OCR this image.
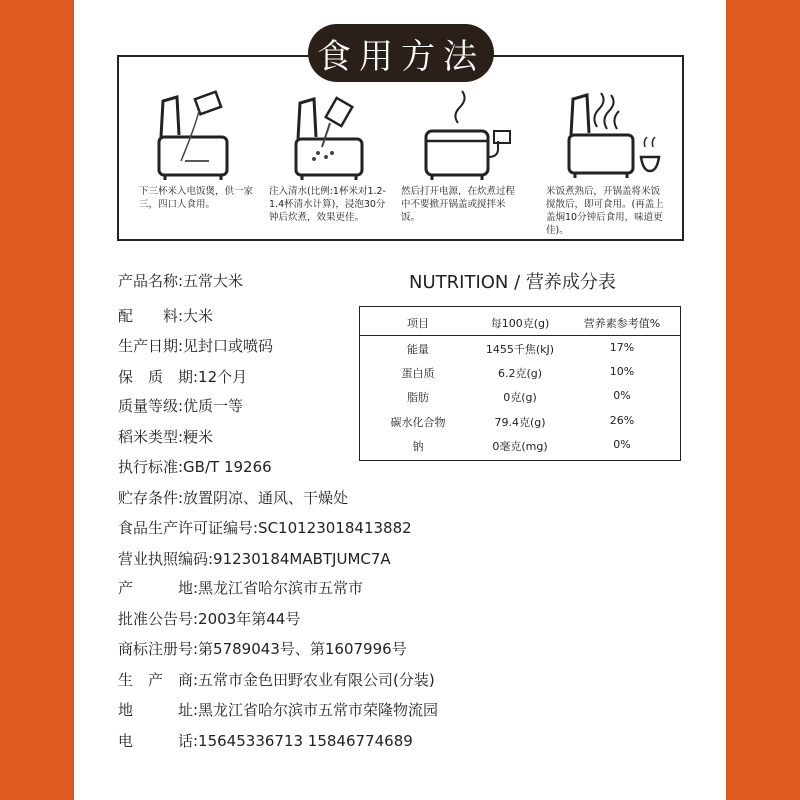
食用方法
下三杯米入电饭煲，供一家三，四口人食用。
注入清水(比例:1杯米对1.2-1.4杯清水计算)，浸泡30分钟后炊煮，效果更佳。
然后打开电源，在炊煮过程中不要掀开锅盖或搅拌米饭。
米饭煮熟后，开锅盖将米饭搅散后，即可食用。(再盖上盖焖10分钟后食用，味道更佳)。
产品名称:五常大米
配　　料:大米
生产日期:见封口或喷码
保　质　期:12个月
质量等级:优质一等
稻米类型:粳米
执行标准:GB/T 19266
贮存条件:放置阴凉、通风、干燥处
食品生产许可证编号:SC10123018413882
营业执照编码:91230184MABTJUMC7A
产　　　地:黑龙江省哈尔滨市五常市
批准公告号:2003年第44号
商标注册号:第5789043号、第1607996号
生　产　商:五常市金色田野农业有限公司(分装)
地　　　址:黑龙江省哈尔滨市五常市荣隆物流园
电　　　话:15645336713 15846774689
NUTRITION / 营养成分表
项目	每100克(g)	营养素参考值%
能量	1455千焦(kJ)	17%
蛋白质	6.2克(g)	10%
脂肪	0克(g)	0%
碳水化合物	79.4克(g)	26%
钠	0毫克(mg)	0%
